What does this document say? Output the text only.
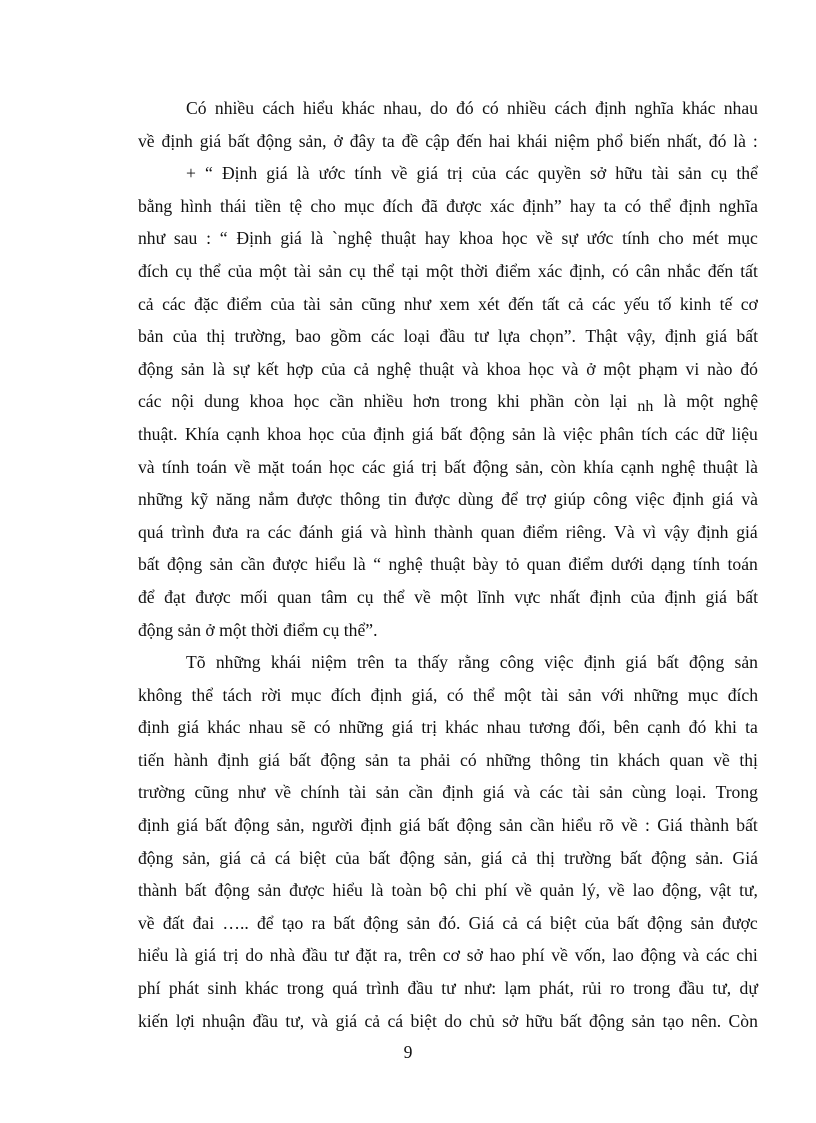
Có nhiều cách hiểu khác nhau, do đó có nhiều cách định nghĩa khác nhau
về định giá bất động sản, ở đây ta đề cập đến hai khái niệm phổ biến nhất, đó là :
+ “ Định giá là ước tính về giá trị của các quyền sở hữu tài sản cụ thể
bằng hình thái tiền tệ cho mục đích đã được xác định” hay ta có thể định nghĩa
như sau : “ Định giá là `nghệ thuật hay khoa học về sự ước tính cho mét mục
đích cụ thể của một tài sản cụ thể tại một thời điểm xác định, có cân nhắc đến tất
cả các đặc điểm của tài sản cũng như xem xét đến tất cả các yếu tố kinh tế cơ
bản của thị trường, bao gồm các loại đầu tư lựa chọn”. Thật vậy, định giá bất
động sản là sự kết hợp của cả nghệ thuật và khoa học và ở một phạm vi nào đó
các nội dung khoa học cần nhiều hơn trong khi phần còn lại nh là một nghệ
thuật. Khía cạnh khoa học của định giá bất động sản là việc phân tích các dữ liệu
và tính toán về mặt toán học các giá trị bất động sản, còn khía cạnh nghệ thuật là
những kỹ năng nắm được thông tin được dùng để trợ giúp công việc định giá và
quá trình đưa ra các đánh giá và hình thành quan điểm riêng. Và vì vậy định giá
bất động sản cần được hiểu là “ nghệ thuật bày tỏ quan điểm dưới dạng tính toán
để đạt được mối quan tâm cụ thể về một lĩnh vực nhất định của định giá bất
động sản ở một thời điểm cụ thể”.
Tõ những khái niệm trên ta thấy rằng công việc định giá bất động sản
không thể tách rời mục đích định giá, có thể một tài sản với những mục đích
định giá khác nhau sẽ có những giá trị khác nhau tương đối, bên cạnh đó khi ta
tiến hành định giá bất động sản ta phải có những thông tin khách quan về thị
trường cũng như về chính tài sản cần định giá và các tài sản cùng loại. Trong
định giá bất động sản, người định giá bất động sản cần hiểu rõ về : Giá thành bất
động sản, giá cả cá biệt của bất động sản, giá cả thị trường bất động sản. Giá
thành bất động sản được hiểu là toàn bộ chi phí về quản lý, về lao động, vật tư,
về đất đai ….. để tạo ra bất động sản đó. Giá cả cá biệt của bất động sản được
hiểu là giá trị do nhà đầu tư đặt ra, trên cơ sở hao phí về vốn, lao động và các chi
phí phát sinh khác trong quá trình đầu tư như: lạm phát, rủi ro trong đầu tư, dự
kiến lợi nhuận đầu tư, và giá cả cá biệt do chủ sở hữu bất động sản tạo nên. Còn
9
